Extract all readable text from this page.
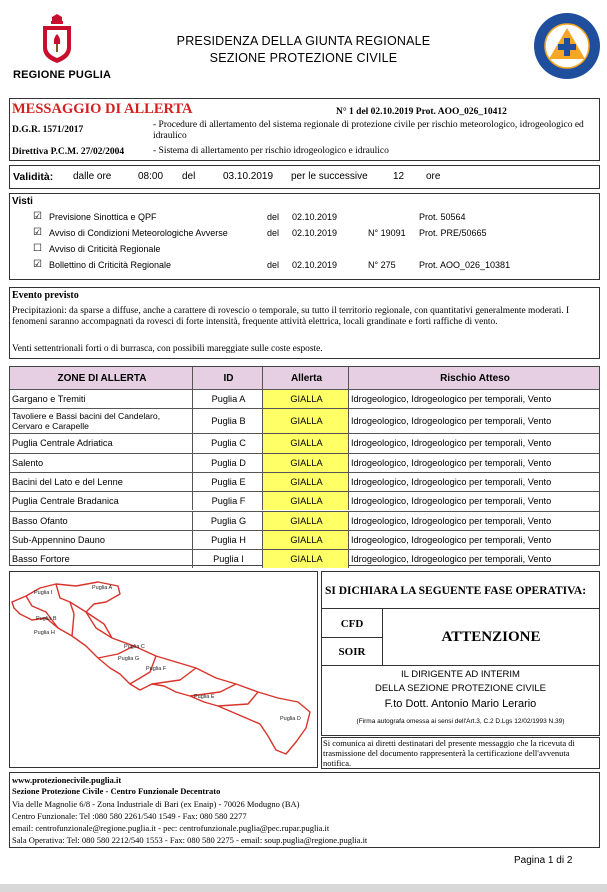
REGIONE PUGLIA
PRESIDENZA DELLA GIUNTA REGIONALE
SEZIONE PROTEZIONE CIVILE
MESSAGGIO DI ALLERTA	N° 1 del 02.10.2019 Prot. AOO_026_10412
D.G.R. 1571/2017	- Procedure di allertamento del sistema regionale di protezione civile per rischio meteorologico, idrogeologico ed idraulico
Direttiva P.C.M. 27/02/2004	- Sistema di allertamento per rischio idrogeologico e idraulico
Validità: dalle ore	08:00 del	03.10.2019 per le successive	12 ore
Visti
☑ Previsione Sinottica e QPF	del 02.10.2019	Prot. 50564
☑ Avviso di Condizioni Meteorologiche Avverse	del 02.10.2019	N° 19091 Prot. PRE/50665
☐ Avviso di Criticità Regionale
☑ Bollettino di Criticità Regionale	del 02.10.2019	N° 275	Prot. AOO_026_10381
Evento previsto
Precipitazioni: da sparse a diffuse, anche a carattere di rovescio o temporale, su tutto il territorio regionale, con quantitativi generalmente moderati. I fenomeni saranno accompagnati da rovesci di forte intensità, frequente attività elettrica, locali grandinate e forti raffiche di vento.
Venti settentrionali forti o di burrasca, con possibili mareggiate sulle coste esposte.
ZONE DI ALLERTA	ID	Allerta	Rischio Atteso
Gargano e Tremiti	Puglia A	GIALLA	Idrogeologico, Idrogeologico per temporali, Vento
Tavoliere e Bassi bacini del Candelaro, Cervaro e Carapelle	Puglia B	GIALLA	Idrogeologico, Idrogeologico per temporali, Vento
Puglia Centrale Adriatica	Puglia C	GIALLA	Idrogeologico, Idrogeologico per temporali, Vento
Salento	Puglia D	GIALLA	Idrogeologico, Idrogeologico per temporali, Vento
Bacini del Lato e del Lenne	Puglia E	GIALLA	Idrogeologico, Idrogeologico per temporali, Vento
Puglia Centrale Bradanica	Puglia F	GIALLA	Idrogeologico, Idrogeologico per temporali, Vento
Basso Ofanto	Puglia G	GIALLA	Idrogeologico, Idrogeologico per temporali, Vento
Sub-Appennino Dauno	Puglia H	GIALLA	Idrogeologico, Idrogeologico per temporali, Vento
Basso Fortore	Puglia I	GIALLA	Idrogeologico, Idrogeologico per temporali, Vento
Puglia A
Puglia I
Puglia B
Puglia H
Puglia C
Puglia G
Puglia F
Puglia E
Puglia D
SI DICHIARA LA SEGUENTE FASE OPERATIVA:
CFD
SOIR
ATTENZIONE
IL DIRIGENTE AD INTERIM
DELLA SEZIONE PROTEZIONE CIVILE
F.to Dott. Antonio Mario Lerario
(Firma autografa omessa ai sensi dell'Art.3, C.2 D.Lgs 12/02/1993 N.39)
Si comunica ai diretti destinatari del presente messaggio che la ricevuta di trasmissione del documento rappresenterà la certificazione dell'avvenuta notifica.
www.protezionecivile.puglia.it
Sezione Protezione Civile - Centro Funzionale Decentrato
Via delle Magnolie 6/8 - Zona Industriale di Bari (ex Enaip) - 70026 Modugno (BA)
Centro Funzionale: Tel :080 580 2261/540 1549 - Fax: 080 580 2277
email: centrofunzionale@regione.puglia.it - pec: centrofunzionale.puglia@pec.rupar.puglia.it
Sala Operativa: Tel: 080 580 2212/540 1553 - Fax: 080 580 2275 - email: soup.puglia@regione.puglia.it
Pagina 1 di 2
